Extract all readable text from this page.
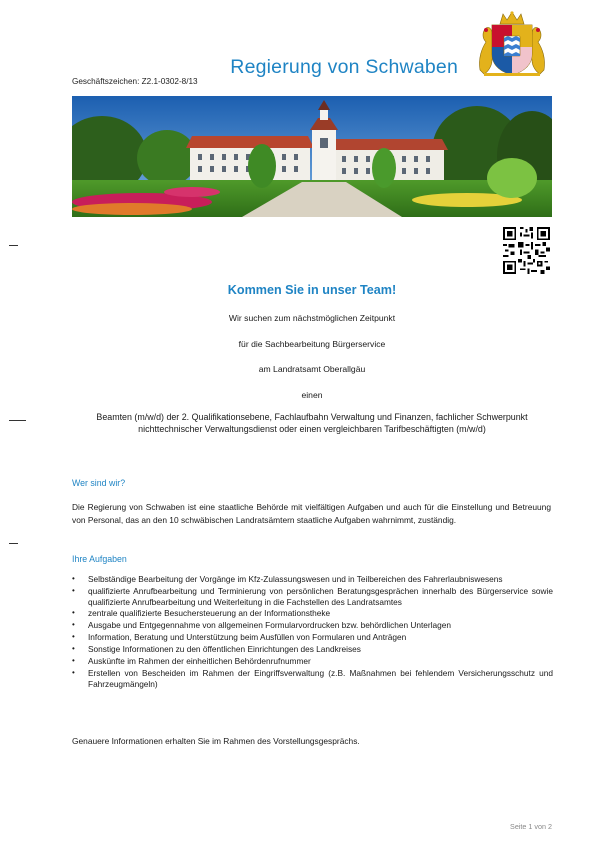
Regierung von Schwaben
Geschäftszeichen: Z2.1-0302-8/13
Kommen Sie in unser Team!
Wir suchen zum nächstmöglichen Zeitpunkt
für die Sachbearbeitung Bürgerservice
am Landratsamt Oberallgäu
einen
Beamten (m/w/d) der 2. Qualifikationsebene, Fachlaufbahn Verwaltung und Finanzen, fachlicher Schwerpunkt nichttechnischer Verwaltungsdienst oder einen vergleichbaren Tarifbeschäftigten (m/w/d)
Wer sind wir?
Die Regierung von Schwaben ist eine staatliche Behörde mit vielfältigen Aufgaben und auch für die Einstellung und Betreuung von Personal, das an den 10 schwäbischen Landratsämtern staatliche Aufgaben wahrnimmt, zuständig.
Ihre Aufgaben
• Selbständige Bearbeitung der Vorgänge im Kfz-Zulassungswesen und in Teilbereichen des Fahrerlaubniswesens
• qualifizierte Anrufbearbeitung und Terminierung von persönlichen Beratungsgesprächen innerhalb des Bürgerservice sowie qualifizierte Anrufbearbeitung und Weiterleitung in die Fachstellen des Landratsamtes
• zentrale qualifizierte Besuchersteuerung an der Informationstheke
• Ausgabe und Entgegennahme von allgemeinen Formularvordrucken bzw. behördlichen Unterlagen
• Information, Beratung und Unterstützung beim Ausfüllen von Formularen und Anträgen
• Sonstige Informationen zu den öffentlichen Einrichtungen des Landkreises
• Auskünfte im Rahmen der einheitlichen Behördenrufnummer
• Erstellen von Bescheiden im Rahmen der Eingriffsverwaltung (z.B. Maßnahmen bei fehlendem Versicherungsschutz und Fahrzeugmängeln)
Genauere Informationen erhalten Sie im Rahmen des Vorstellungsgesprächs.
Seite 1 von 2
